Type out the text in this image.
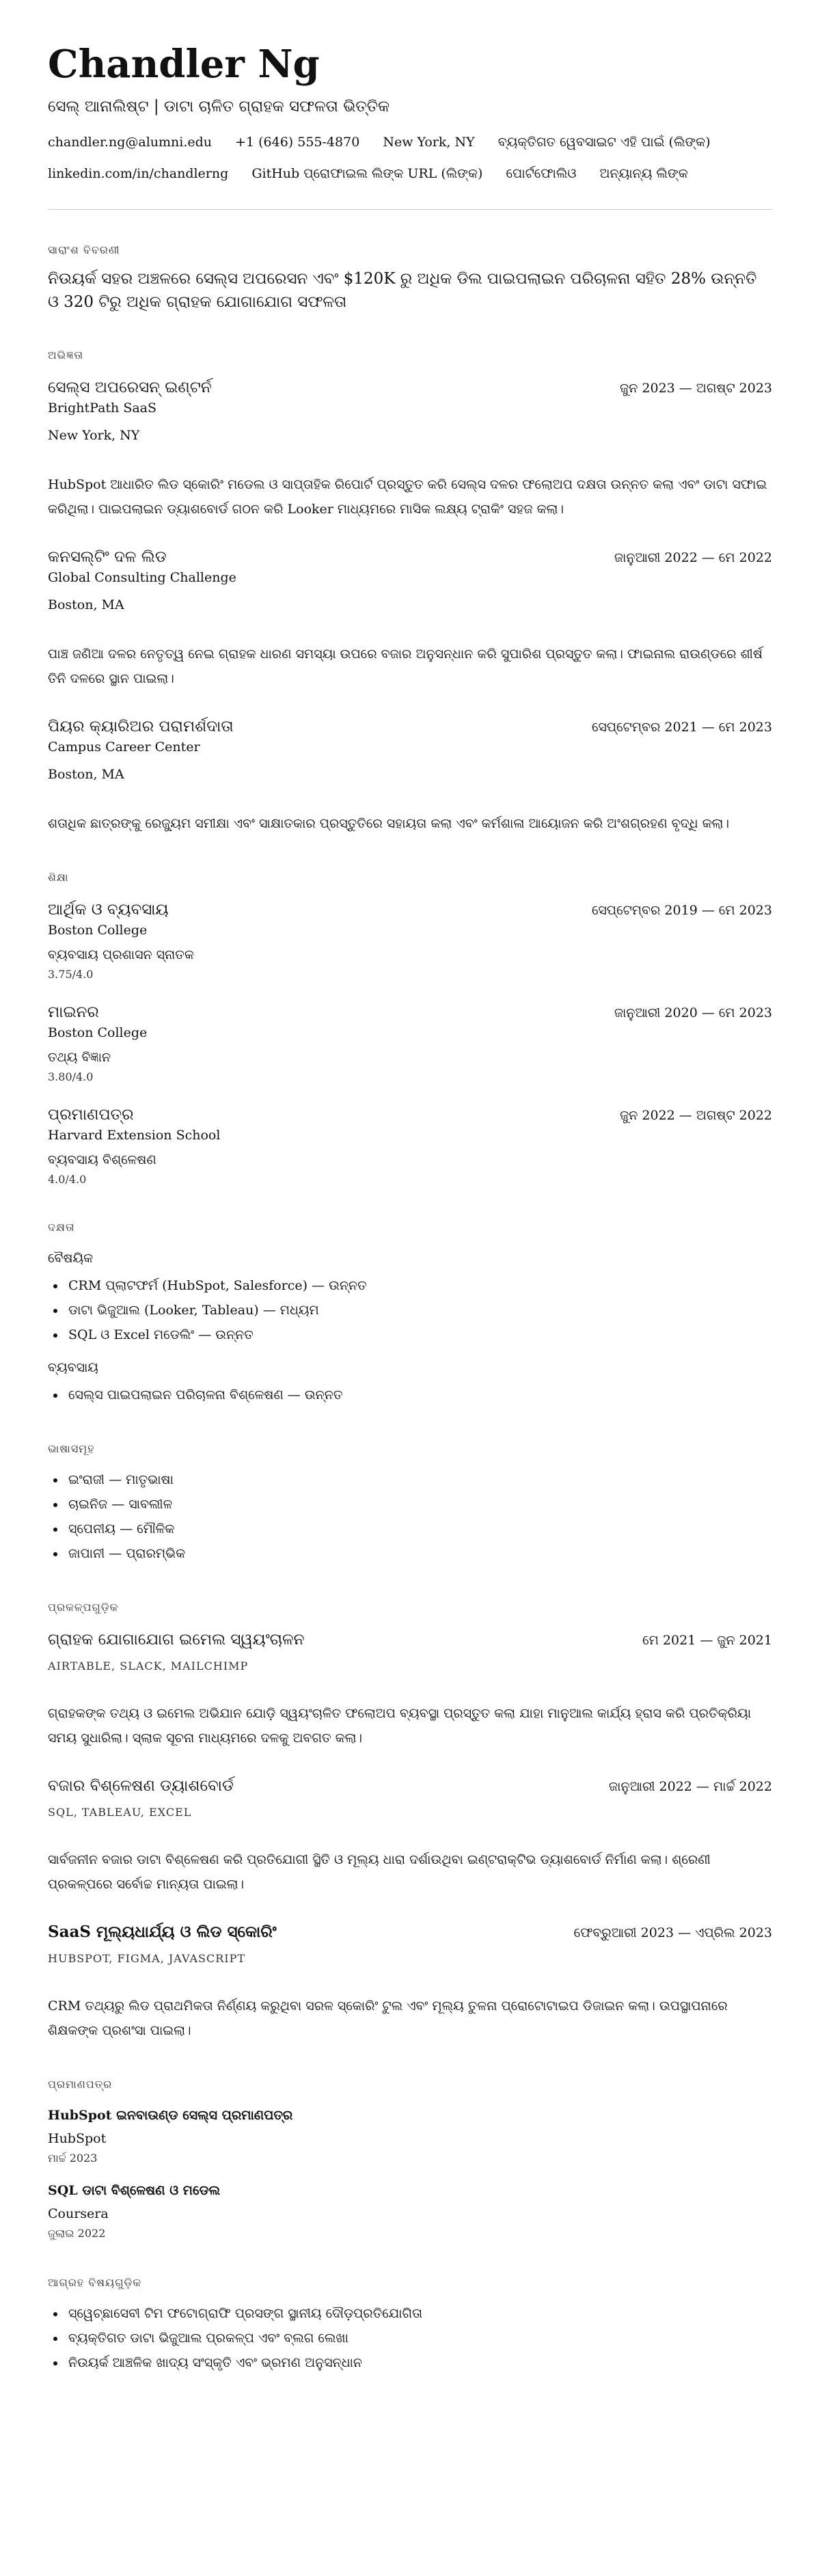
Chandler Ng
ସେଲ୍ ଆନାଲିଷ୍ଟ | ଡାଟା ଚାଳିତ ଗ୍ରାହକ ସଫଳତା ଭିତ୍ତିକ
chandler.ng@alumni.edu +1 (646) 555-4870 New York, NY ବ୍ୟକ୍ତିଗତ ୱେବସାଇଟ ଏହି ପାଇଁ (ଲିଙ୍କ)
linkedin.com/in/chandlerng GitHub ପ୍ରୋଫାଇଲ ଲିଙ୍କ URL (ଲିଙ୍କ) ପୋର୍ଟଫୋଲିଓ ଅନ୍ୟାନ୍ୟ ଲିଙ୍କ
ସାରାଂଶ ବିବରଣୀ
ନିଉୟର୍କ ସହର ଅଞ୍ଚଳରେ ସେଲ୍ସ ଅପରେସନ ଏବଂ $120K ରୁ ଅଧିକ ଡିଲ ପାଇପଲାଇନ ପରିଚାଳନା ସହିତ 28% ଉନ୍ନତି ଓ 320 ଟିରୁ ଅଧିକ ଗ୍ରାହକ ଯୋଗାଯୋଗ ସଫଳତା
ଅଭିଜ୍ଞତା
ସେଲ୍ସ ଅପରେସନ୍ ଇଣ୍ଟର୍ନ	ଜୁନ 2023 — ଅଗଷ୍ଟ 2023
BrightPath SaaS
New York, NY
HubSpot ଆଧାରିତ ଲିଡ ସ୍କୋରିଂ ମଡେଲ ଓ ସାପ୍ତାହିକ ରିପୋର୍ଟ ପ୍ରସ୍ତୁତ କରି ସେଲ୍ସ ଦଳର ଫଲୋଅପ ଦକ୍ଷତା ଉନ୍ନତ କଲା ଏବଂ ଡାଟା ସଫାଇ କରିଥିଲା। ପାଇପଲାଇନ ଡ୍ୟାଶବୋର୍ଡ ଗଠନ କରି Looker ମାଧ୍ୟମରେ ମାସିକ ଲକ୍ଷ୍ୟ ଟ୍ରାକିଂ ସହଜ କଲା।
କନସଲ୍ଟିଂ ଦଳ ଲିଡ	ଜାନୁଆରୀ 2022 — ମେ 2022
Global Consulting Challenge
Boston, MA
ପାଞ୍ଚ ଜଣିଆ ଦଳର ନେତୃତ୍ୱ ନେଇ ଗ୍ରାହକ ଧାରଣ ସମସ୍ୟା ଉପରେ ବଜାର ଅନୁସନ୍ଧାନ କରି ସୁପାରିଶ ପ୍ରସ୍ତୁତ କଲା। ଫାଇନାଲ ରାଉଣ୍ଡରେ ଶୀର୍ଷ ତିନି ଦଳରେ ସ୍ଥାନ ପାଇଲା।
ପିୟର କ୍ୟାରିଅର ପରାମର୍ଶଦାତା	ସେପ୍ଟେମ୍ବର 2021 — ମେ 2023
Campus Career Center
Boston, MA
ଶତାଧିକ ଛାତ୍ରଙ୍କୁ ରେଜ୍ୟୁମ ସମୀକ୍ଷା ଏବଂ ସାକ୍ଷାତକାର ପ୍ରସ୍ତୁତିରେ ସହାୟତା କଲା ଏବଂ କର୍ମଶାଳା ଆୟୋଜନ କରି ଅଂଶଗ୍ରହଣ ବୃଦ୍ଧି କଲା।
ଶିକ୍ଷା
ଆର୍ଥିକ ଓ ବ୍ୟବସାୟ	ସେପ୍ଟେମ୍ବର 2019 — ମେ 2023
Boston College
ବ୍ୟବସାୟ ପ୍ରଶାସନ ସ୍ନାତକ
3.75/4.0
ମାଇନର	ଜାନୁଆରୀ 2020 — ମେ 2023
Boston College
ତଥ୍ୟ ବିଜ୍ଞାନ
3.80/4.0
ପ୍ରମାଣପତ୍ର	ଜୁନ 2022 — ଅଗଷ୍ଟ 2022
Harvard Extension School
ବ୍ୟବସାୟ ବିଶ୍ଳେଷଣ
4.0/4.0
ଦକ୍ଷତା
ବୈଷୟିକ
• CRM ପ୍ଲାଟଫର୍ମ (HubSpot, Salesforce) — ଉନ୍ନତ
• ଡାଟା ଭିଜୁଆଲ (Looker, Tableau) — ମଧ୍ୟମ
• SQL ଓ Excel ମଡେଲିଂ — ଉନ୍ନତ
ବ୍ୟବସାୟ
• ସେଲ୍ସ ପାଇପଲାଇନ ପରିଚାଳନା ବିଶ୍ଳେଷଣ — ଉନ୍ନତ
ଭାଷାସମୂହ
• ଇଂରାଜୀ — ମାତୃଭାଷା
• ଚାଇନିଜ — ସାବଲୀଳ
• ସ୍ପେନୀୟ — ମୌଳିକ
• ଜାପାନୀ — ପ୍ରାରମ୍ଭିକ
ପ୍ରକଳ୍ପଗୁଡ଼ିକ
ଗ୍ରାହକ ଯୋଗାଯୋଗ ଇମେଲ ସ୍ୱୟଂଚାଳନ	ମେ 2021 — ଜୁନ 2021
AIRTABLE, SLACK, MAILCHIMP
ଗ୍ରାହକଙ୍କ ତଥ୍ୟ ଓ ଇମେଲ ଅଭିଯାନ ଯୋଡ଼ି ସ୍ୱୟଂଚାଳିତ ଫଲୋଅପ ବ୍ୟବସ୍ଥା ପ୍ରସ୍ତୁତ କଲା ଯାହା ମାନୁଆଲ କାର୍ଯ୍ୟ ହ୍ରାସ କରି ପ୍ରତିକ୍ରିୟା ସମୟ ସୁଧାରିଲା। ସ୍ଲାକ ସୂଚନା ମାଧ୍ୟମରେ ଦଳକୁ ଅବଗତ କଲା।
ବଜାର ବିଶ୍ଳେଷଣ ଡ୍ୟାଶବୋର୍ଡ	ଜାନୁଆରୀ 2022 — ମାର୍ଚ୍ଚ 2022
SQL, TABLEAU, EXCEL
ସାର୍ବଜନୀନ ବଜାର ଡାଟା ବିଶ୍ଳେଷଣ କରି ପ୍ରତିଯୋଗୀ ସ୍ଥିତି ଓ ମୂଲ୍ୟ ଧାରା ଦର୍ଶାଉଥିବା ଇଣ୍ଟରାକ୍ଟିଭ ଡ୍ୟାଶବୋର୍ଡ ନିର୍ମାଣ କଲା। ଶ୍ରେଣୀ ପ୍ରକଳ୍ପରେ ସର୍ବୋଚ୍ଚ ମାନ୍ୟତା ପାଇଲା।
SaaS ମୂଲ୍ୟଧାର୍ଯ୍ୟ ଓ ଲିଡ ସ୍କୋରିଂ	ଫେବ୍ରୁଆରୀ 2023 — ଏପ୍ରିଲ 2023
HUBSPOT, FIGMA, JAVASCRIPT
CRM ତଥ୍ୟରୁ ଲିଡ ପ୍ରାଥମିକତା ନିର୍ଣ୍ଣୟ କରୁଥିବା ସରଳ ସ୍କୋରିଂ ଟୁଲ ଏବଂ ମୂଲ୍ୟ ତୁଳନା ପ୍ରୋଟୋଟାଇପ ଡିଜାଇନ କଲା। ଉପସ୍ଥାପନାରେ ଶିକ୍ଷକଙ୍କ ପ୍ରଶଂସା ପାଇଲା।
ପ୍ରମାଣପତ୍ର
HubSpot ଇନବାଉଣ୍ଡ ସେଲ୍ସ ପ୍ରମାଣପତ୍ର
HubSpot
ମାର୍ଚ୍ଚ 2023
SQL ଡାଟା ବିଶ୍ଳେଷଣ ଓ ମଡେଲ
Coursera
ଜୁଲାଇ 2022
ଆଗ୍ରହ ବିଷୟଗୁଡ଼ିକ
• ସ୍ୱେଚ୍ଛାସେବୀ ଟିମ ଫଟୋଗ୍ରାଫି ପ୍ରସଙ୍ଗ ସ୍ଥାନୀୟ ଦୌଡ଼ପ୍ରତିଯୋଗିତା
• ବ୍ୟକ୍ତିଗତ ଡାଟା ଭିଜୁଆଲ ପ୍ରକଳ୍ପ ଏବଂ ବ୍ଲଗ ଲେଖା
• ନିଉୟର୍କ ଆଞ୍ଚଳିକ ଖାଦ୍ୟ ସଂସ୍କୃତି ଏବଂ ଭ୍ରମଣ ଅନୁସନ୍ଧାନ
